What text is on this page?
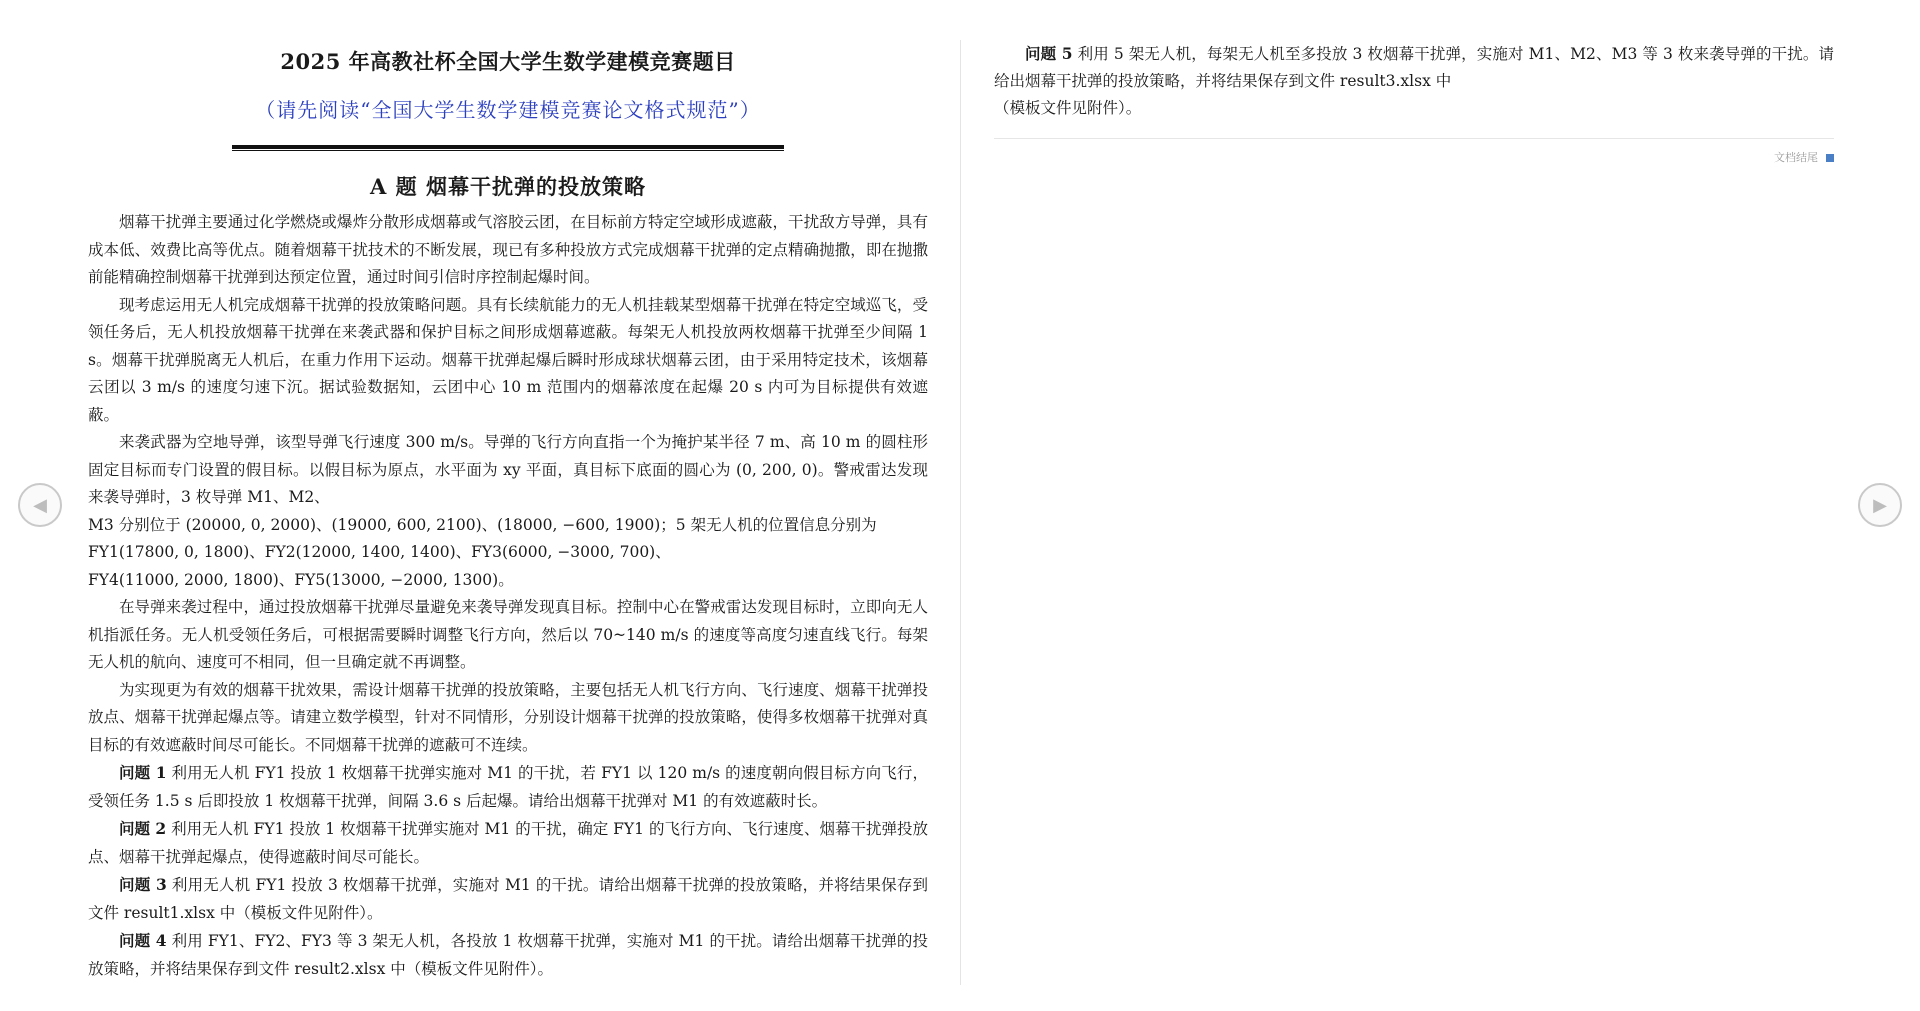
◀	▶
2025 年高教社杯全国大学生数学建模竞赛题目
（请先阅读“全国大学生数学建模竞赛论文格式规范”）
A 题 烟幕干扰弹的投放策略

烟幕干扰弹主要通过化学燃烧或爆炸分散形成烟幕或气溶胶云团，在目标前方特定空域形成遮蔽，干扰敌方导弹，具有成本低、效费比高等优点。随着烟幕干扰技术的不断发展，现已有多种投放方式完成烟幕干扰弹的定点精确抛撒，即在抛撒前能精确控制烟幕干扰弹到达预定位置，通过时间引信时序控制起爆时间。

现考虑运用无人机完成烟幕干扰弹的投放策略问题。具有长续航能力的无人机挂载某型烟幕干扰弹在特定空域巡飞，受领任务后，无人机投放烟幕干扰弹在来袭武器和保护目标之间形成烟幕遮蔽。每架无人机投放两枚烟幕干扰弹至少间隔 1 s。烟幕干扰弹脱离无人机后，在重力作用下运动。烟幕干扰弹起爆后瞬时形成球状烟幕云团，由于采用特定技术，该烟幕云团以 3 m/s 的速度匀速下沉。据试验数据知，云团中心 10 m 范围内的烟幕浓度在起爆 20 s 内可为目标提供有效遮蔽。

来袭武器为空地导弹，该型导弹飞行速度 300 m/s。导弹的飞行方向直指一个为掩护某半径 7 m、高 10 m 的圆柱形固定目标而专门设置的假目标。以假目标为原点，水平面为 xy 平面，真目标下底面的圆心为 (0, 200, 0)。警戒雷达发现来袭导弹时，3 枚导弹 M1、M2、

M3 分别位于 (20000, 0, 2000)、(19000, 600, 2100)、(18000, −600, 1900)；5 架无人机的位置信息分别为

FY1(17800, 0, 1800)、FY2(12000, 1400, 1400)、FY3(6000, −3000, 700)、

FY4(11000, 2000, 1800)、FY5(13000, −2000, 1300)。

在导弹来袭过程中，通过投放烟幕干扰弹尽量避免来袭导弹发现真目标。控制中心在警戒雷达发现目标时，立即向无人机指派任务。无人机受领任务后，可根据需要瞬时调整飞行方向，然后以 70~140 m/s 的速度等高度匀速直线飞行。每架无人机的航向、速度可不相同，但一旦确定就不再调整。

为实现更为有效的烟幕干扰效果，需设计烟幕干扰弹的投放策略，主要包括无人机飞行方向、飞行速度、烟幕干扰弹投放点、烟幕干扰弹起爆点等。请建立数学模型，针对不同情形，分别设计烟幕干扰弹的投放策略，使得多枚烟幕干扰弹对真目标的有效遮蔽时间尽可能长。不同烟幕干扰弹的遮蔽可不连续。

问题 1 利用无人机 FY1 投放 1 枚烟幕干扰弹实施对 M1 的干扰，若 FY1 以 120 m/s 的速度朝向假目标方向飞行，受领任务 1.5 s 后即投放 1 枚烟幕干扰弹，间隔 3.6 s 后起爆。请给出烟幕干扰弹对 M1 的有效遮蔽时长。

问题 2 利用无人机 FY1 投放 1 枚烟幕干扰弹实施对 M1 的干扰，确定 FY1 的飞行方向、飞行速度、烟幕干扰弹投放点、烟幕干扰弹起爆点，使得遮蔽时间尽可能长。

问题 3 利用无人机 FY1 投放 3 枚烟幕干扰弹，实施对 M1 的干扰。请给出烟幕干扰弹的投放策略，并将结果保存到文件 result1.xlsx 中（模板文件见附件）。

问题 4 利用 FY1、FY2、FY3 等 3 架无人机，各投放 1 枚烟幕干扰弹，实施对 M1 的干扰。请给出烟幕干扰弹的投放策略，并将结果保存到文件 result2.xlsx 中（模板文件见附件）。

问题 5 利用 5 架无人机，每架无人机至多投放 3 枚烟幕干扰弹，实施对 M1、M2、M3 等 3 枚来袭导弹的干扰。请给出烟幕干扰弹的投放策略，并将结果保存到文件 result3.xlsx 中

（模板文件见附件）。

文档结尾
